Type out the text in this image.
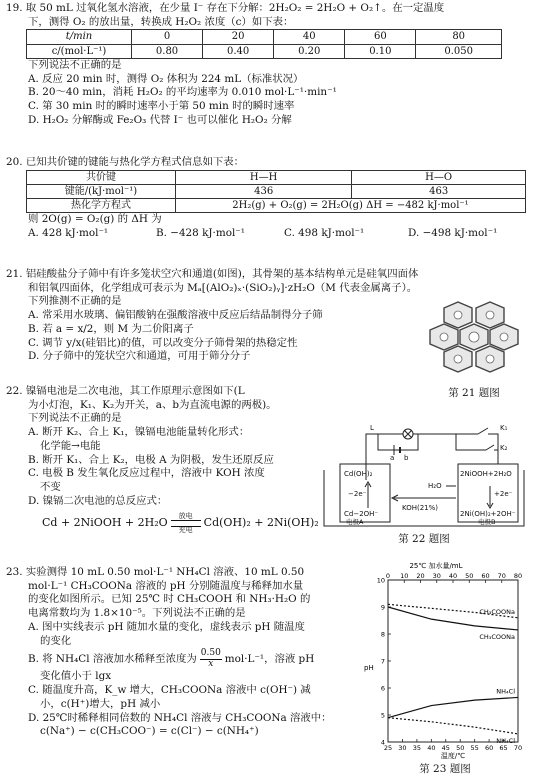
19. 取 50 mL 过氧化氢水溶液，在少量 I⁻ 存在下分解：2H₂O₂ = 2H₂O + O₂↑。在一定温度
下，测得 O₂ 的放出量，转换成 H₂O₂ 浓度（c）如下表：
t/min	0	20	40	60	80
c/(mol·L⁻¹)	0.80	0.40	0.20	0.10	0.050
下列说法不正确的是
A. 反应 20 min 时，测得 O₂ 体积为 224 mL（标准状况）
B. 20～40 min，消耗 H₂O₂ 的平均速率为 0.010 mol·L⁻¹·min⁻¹
C. 第 30 min 时的瞬时速率小于第 50 min 时的瞬时速率
D. H₂O₂ 分解酶或 Fe₂O₃ 代替 I⁻ 也可以催化 H₂O₂ 分解
20. 已知共价键的键能与热化学方程式信息如下表：
共价键	H—H	H—O
键能/(kJ·mol⁻¹)	436	463
热化学方程式	2H₂(g) + O₂(g) = 2H₂O(g) ΔH = −482 kJ·mol⁻¹	
则 2O(g) = O₂(g) 的 ΔH 为
A. 428 kJ·mol⁻¹	B. −428 kJ·mol⁻¹	C. 498 kJ·mol⁻¹	D. −498 kJ·mol⁻¹
21. 铝硅酸盐分子筛中有许多笼状空穴和通道(如图)，其骨架的基本结构单元是硅氧四面体
和铝氧四面体，化学组成可表示为 Mₐ[(AlO₂)ₓ·(SiO₂)ᵧ]·zH₂O（M 代表金属离子）。
下列推测不正确的是
A. 常采用水玻璃、偏铝酸钠在强酸溶液中反应后结晶制得分子筛
B. 若 a = x/2，则 M 为二价阳离子
C. 调节 y/x(硅铝比)的值，可以改变分子筛骨架的热稳定性
D. 分子筛中的笼状空穴和通道，可用于筛分分子
第 21 题图
22. 镍镉电池是二次电池，其工作原理示意图如下(L
为小灯泡，K₁、K₂为开关，a、b为直流电源的两极)。
下列说法不正确的是
A. 断开 K₂、合上 K₁，镍镉电池能量转化形式：
化学能→电能
B. 断开 K₁、合上 K₂，电极 A 为阴极，发生还原反应
C. 电极 B 发生氧化反应过程中，溶液中 KOH 浓度
不变
D. 镍镉二次电池的总反应式：
Cd + 2NiOOH + 2H₂O
放电
充电
Cd(OH)₂ + 2Ni(OH)₂
L
a b
K₁
K₂
Cd(OH)₂
−2e⁻
Cd−2OH⁻
KOH(21%)
H₂O
2NiOOH+2H₂O
+2e⁻
2Ni(OH)₂+2OH⁻
电极A	电极B
第 22 题图
23. 实验测得 10 mL 0.50 mol·L⁻¹ NH₄Cl 溶液、10 mL 0.50
mol·L⁻¹ CH₃COONa 溶液的 pH 分别随温度与稀释加水量
的变化如图所示。已知 25℃ 时 CH₃COOH 和 NH₃·H₂O 的
电离常数均为 1.8×10⁻⁵。下列说法不正确的是
A. 图中实线表示 pH 随加水量的变化，虚线表示 pH 随温度
的变化
B. 将 NH₄Cl 溶液加水稀释至浓度为 $\frac{0.50}{x} mol\cdot L^{-1}$，溶液 pH
变化值小于 lgx
C. 随温度升高，K_w 增大，CH₃COONa 溶液中 c(OH⁻) 减
小，c(H⁺)增大，pH 减小
D. 25℃时稀释相同倍数的 NH₄Cl 溶液与 CH₃COONa 溶液中：
c(Na⁺) − c(CH₃COO⁻) = c(Cl⁻) − c(NH₄⁺)
25℃ 加水量/mL
pH
温度/℃
25 30 35 40 45 50 55 60 65 70
0 10 20 30 40 50 60 70 80
4
5
6
7
8
9
10
CH₃COONa
CH₃COONa
NH₄Cl
NH₄Cl
第 23 题图
